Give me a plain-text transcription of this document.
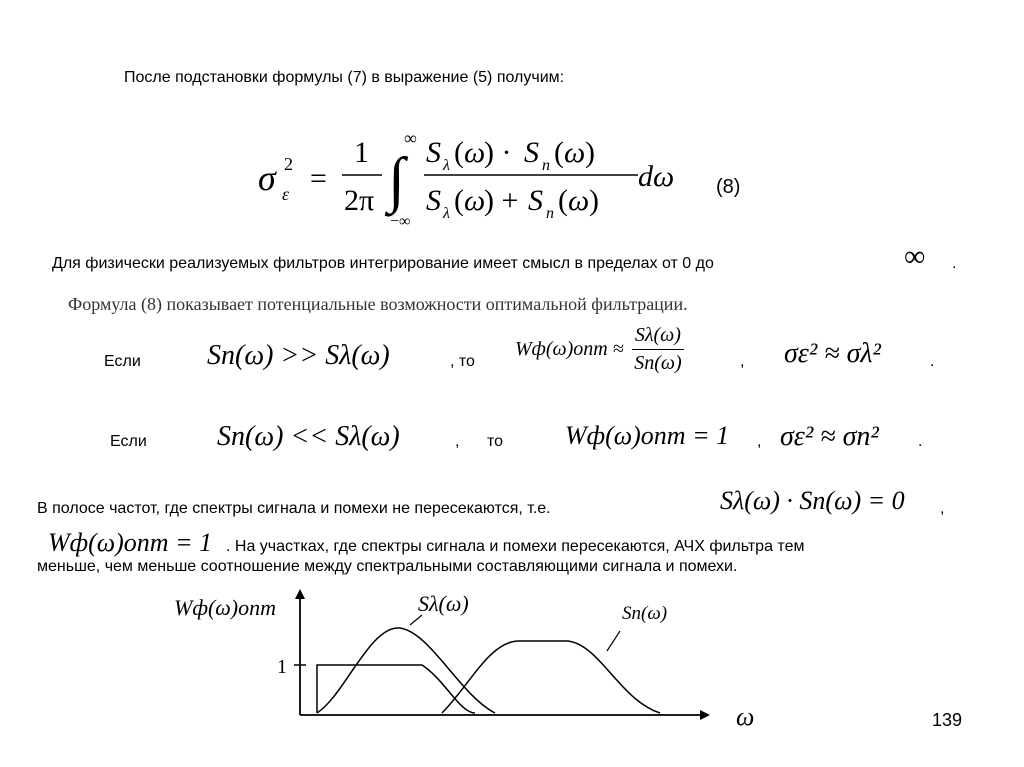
После подстановки формулы (7) в выражение (5) получим:
σ 2
ε =
1
2π
∞
∫
−∞
S λ ( ω
) · S n ( ω )
S λ ( ω
) + S n ( ω )
dω (8)
Для физически реализуемых фильтров интегрирование имеет смысл в пределах от 0 до	∞ .
Формула (8) показывает потенциальные возможности оптимальной фильтрации.
Если Sn(ω) >> Sλ(ω)	, то
$Wф(\omega)опт \approx \frac{S\lambda(\omega)}{Sn(\omega)}$	, σε² ≈ σλ²	.
Если	Sn(ω) << Sλ(ω)	, то Wф(ω)опт = 1 , σε² ≈ σn² .
В полосе частот, где спектры сигнала и помехи не пересекаются, т.е.	Sλ(ω) · Sn(ω) = 0 ,
Wф(ω)опт = 1 . На участках, где спектры сигнала и помехи пересекаются, АЧХ фильтра тем
меньше, чем меньше соотношение между спектральными составляющими сигнала и помехи.
1
Wф(ω)опт
ω
Sλ(ω)	Sn(ω)
139
